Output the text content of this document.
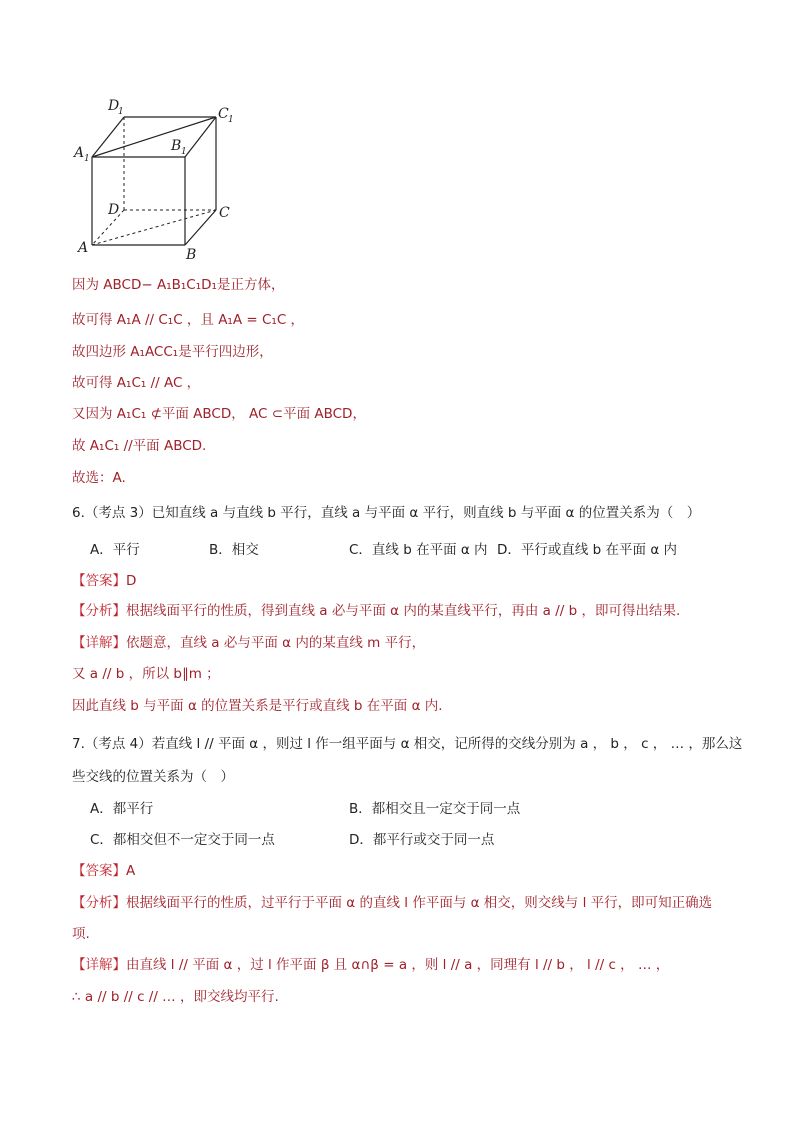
D
1	C 1
A 1
B 1
D	C
A	B
因为 ABCD− A₁B₁C₁D₁是正方体，
故可得 A₁A // C₁C ，且 A₁A = C₁C ，
故四边形 A₁ACC₁是平行四边形，
故可得 A₁C₁ // AC ，
又因为 A₁C₁ ⊄平面 ABCD， AC ⊂平面 ABCD，
故 A₁C₁ //平面 ABCD.
故选：A.
6.（考点 3）已知直线 a 与直线 b 平行，直线 a 与平面 α 平行，则直线 b 与平面 α 的位置关系为（　）
A．平行	B．相交	C．直线 b 在平面 α 内 D．平行或直线 b 在平面 α 内
【答案】D
【分析】根据线面平行的性质，得到直线 a 必与平面 α 内的某直线平行，再由 a // b ，即可得出结果.
【详解】依题意，直线 a 必与平面 α 内的某直线 m 平行，
又 a // b ，所以 b∥m ；
因此直线 b 与平面 α 的位置关系是平行或直线 b 在平面 α 内.
7.（考点 4）若直线 l // 平面 α ，则过 l 作一组平面与 α 相交，记所得的交线分别为 a ， b ， c ， … ，那么这
些交线的位置关系为（　）
A．都平行	B．都相交且一定交于同一点
C．都相交但不一定交于同一点	D．都平行或交于同一点
【答案】A
【分析】根据线面平行的性质，过平行于平面 α 的直线 l 作平面与 α 相交，则交线与 l 平行，即可知正确选
项.
【详解】由直线 l // 平面 α ，过 l 作平面 β 且 α∩β = a ，则 l // a ，同理有 l // b ， l // c ， … ，
∴ a // b // c // … ，即交线均平行.
